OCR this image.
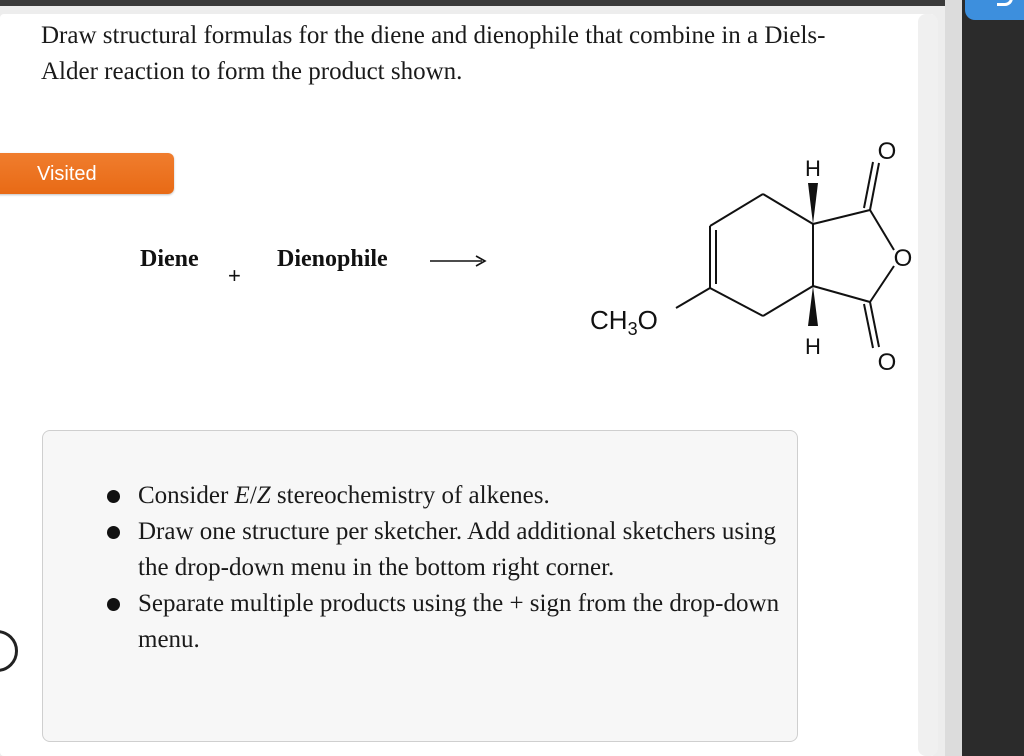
Draw structural formulas for the diene and dienophile that combine in a Diels-Alder reaction to form the product shown.

Visited
Diene
+
Dienophile
H
H
O
O
O
$CH_3O$
Consider E/Z stereochemistry of alkenes.
Draw one structure per sketcher. Add additional sketchers using the drop-down menu in the bottom right corner.
Separate multiple products using the + sign from the drop-down menu.
